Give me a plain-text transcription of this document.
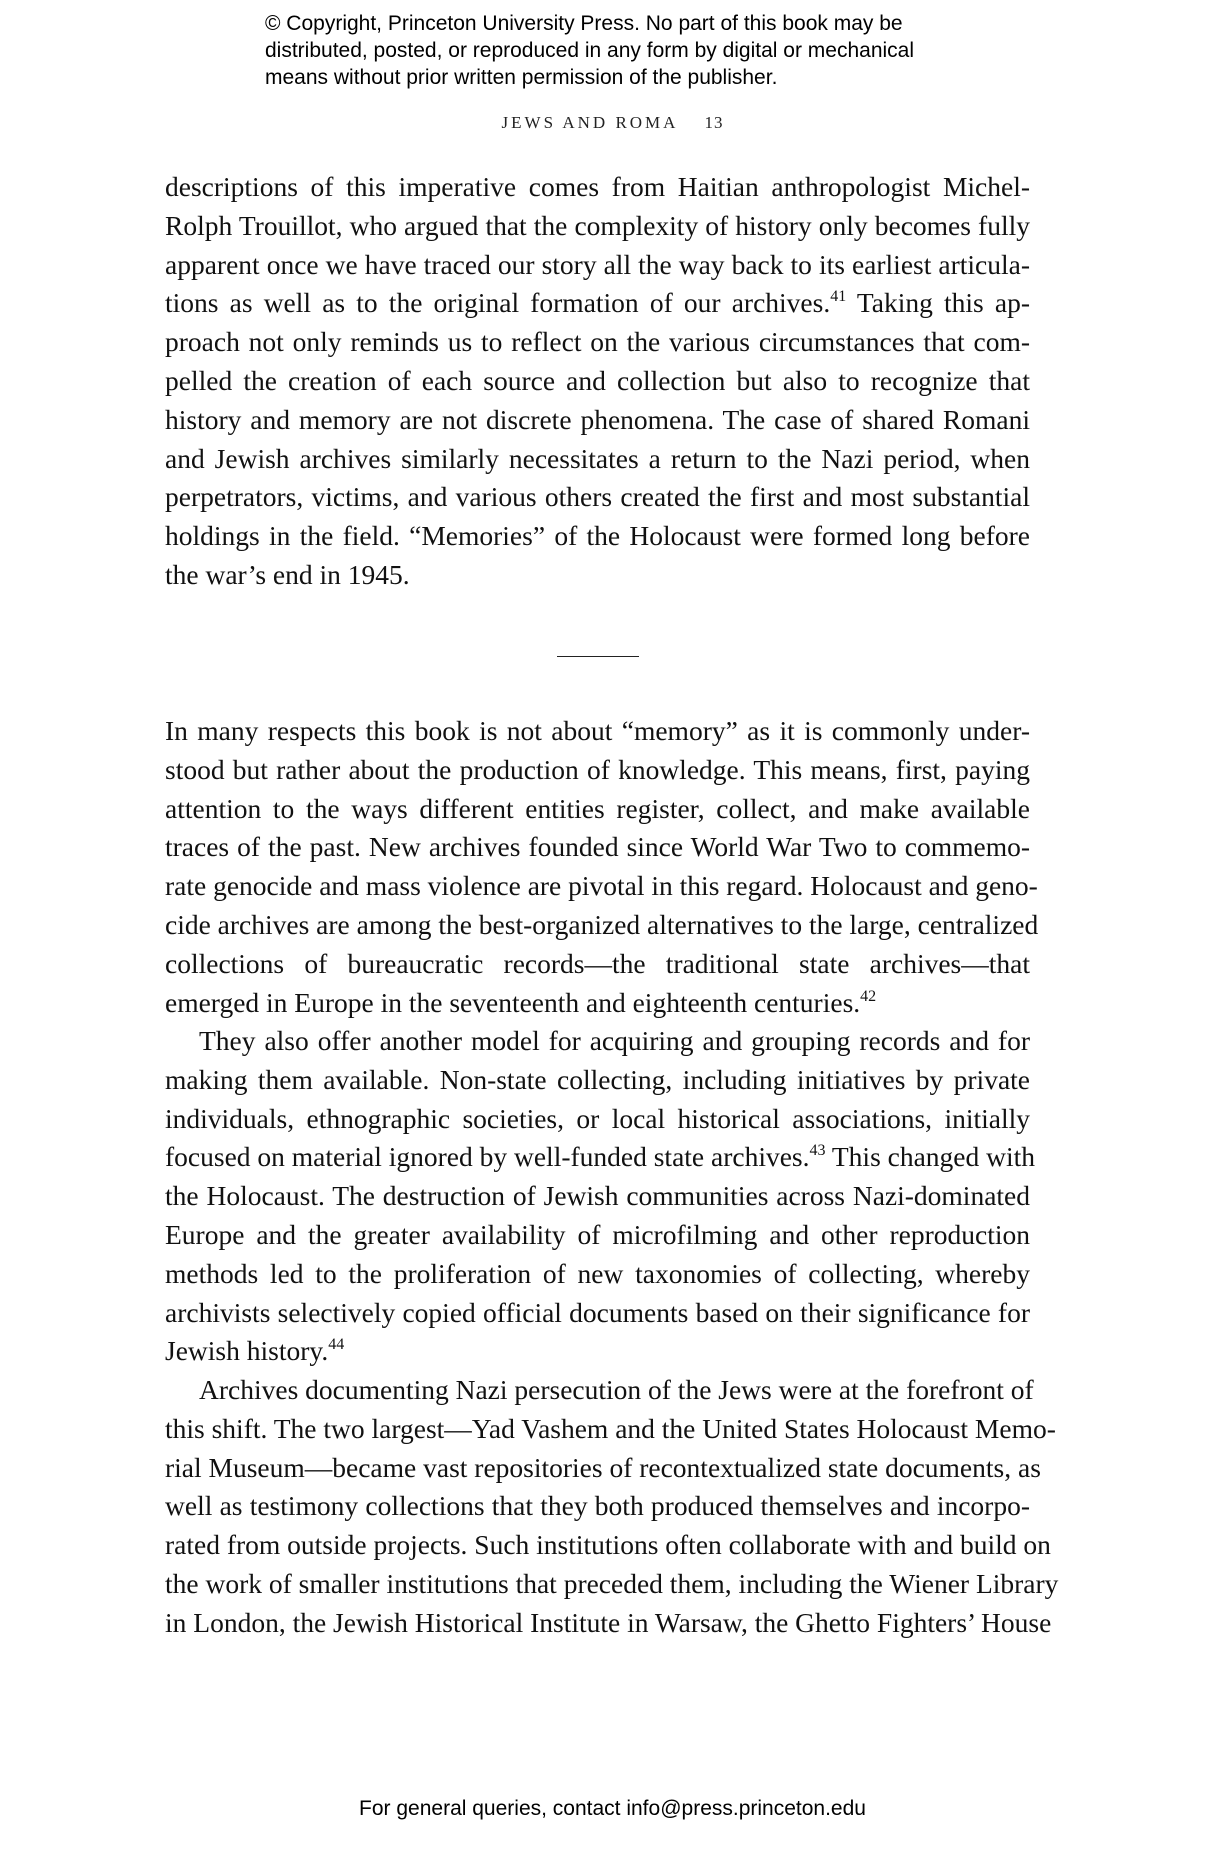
© Copyright, Princeton University Press. No part of this book may be
distributed, posted, or reproduced in any form by digital or mechanical
means without prior written permission of the publisher.
JEWS AND ROMA 13
descriptions of this imperative comes from Haitian anthropologist Michel-
Rolph Trouillot, who argued that the complexity of history only becomes fully
apparent once we have traced our story all the way back to its earliest articula-
tions as well as to the original formation of our archives.$^{41}$ Taking this ap-
proach not only reminds us to reflect on the various circumstances that com-
pelled the creation of each source and collection but also to recognize that
history and memory are not discrete phenomena. The case of shared Romani
and Jewish archives similarly necessitates a return to the Nazi period, when
perpetrators, victims, and various others created the first and most substantial
holdings in the field. “Memories” of the Holocaust were formed long before
the war’s end in 1945.
In many respects this book is not about “memory” as it is commonly under-
stood but rather about the production of knowledge. This means, first, paying
attention to the ways different entities register, collect, and make available
traces of the past. New archives founded since World War Two to commemo-
rate genocide and mass violence are pivotal in this regard. Holocaust and geno-
cide archives are among the best-organized alternatives to the large, centralized
collections of bureaucratic records—the traditional state archives—that
emerged in Europe in the seventeenth and eighteenth centuries.$^{42}$
They also offer another model for acquiring and grouping records and for
making them available. Non-state collecting, including initiatives by private
individuals, ethnographic societies, or local historical associations, initially
focused on material ignored by well-funded state archives.$^{43}$ This changed with
the Holocaust. The destruction of Jewish communities across Nazi-dominated
Europe and the greater availability of microfilming and other reproduction
methods led to the proliferation of new taxonomies of collecting, whereby
archivists selectively copied official documents based on their significance for
Jewish history.$^{44}$
Archives documenting Nazi persecution of the Jews were at the forefront of
this shift. The two largest—Yad Vashem and the United States Holocaust Memo-
rial Museum—became vast repositories of recontextualized state documents, as
well as testimony collections that they both produced themselves and incorpo-
rated from outside projects. Such institutions often collaborate with and build on
the work of smaller institutions that preceded them, including the Wiener Library
in London, the Jewish Historical Institute in Warsaw, the Ghetto Fighters’ House
For general queries, contact info@press.princeton.edu
